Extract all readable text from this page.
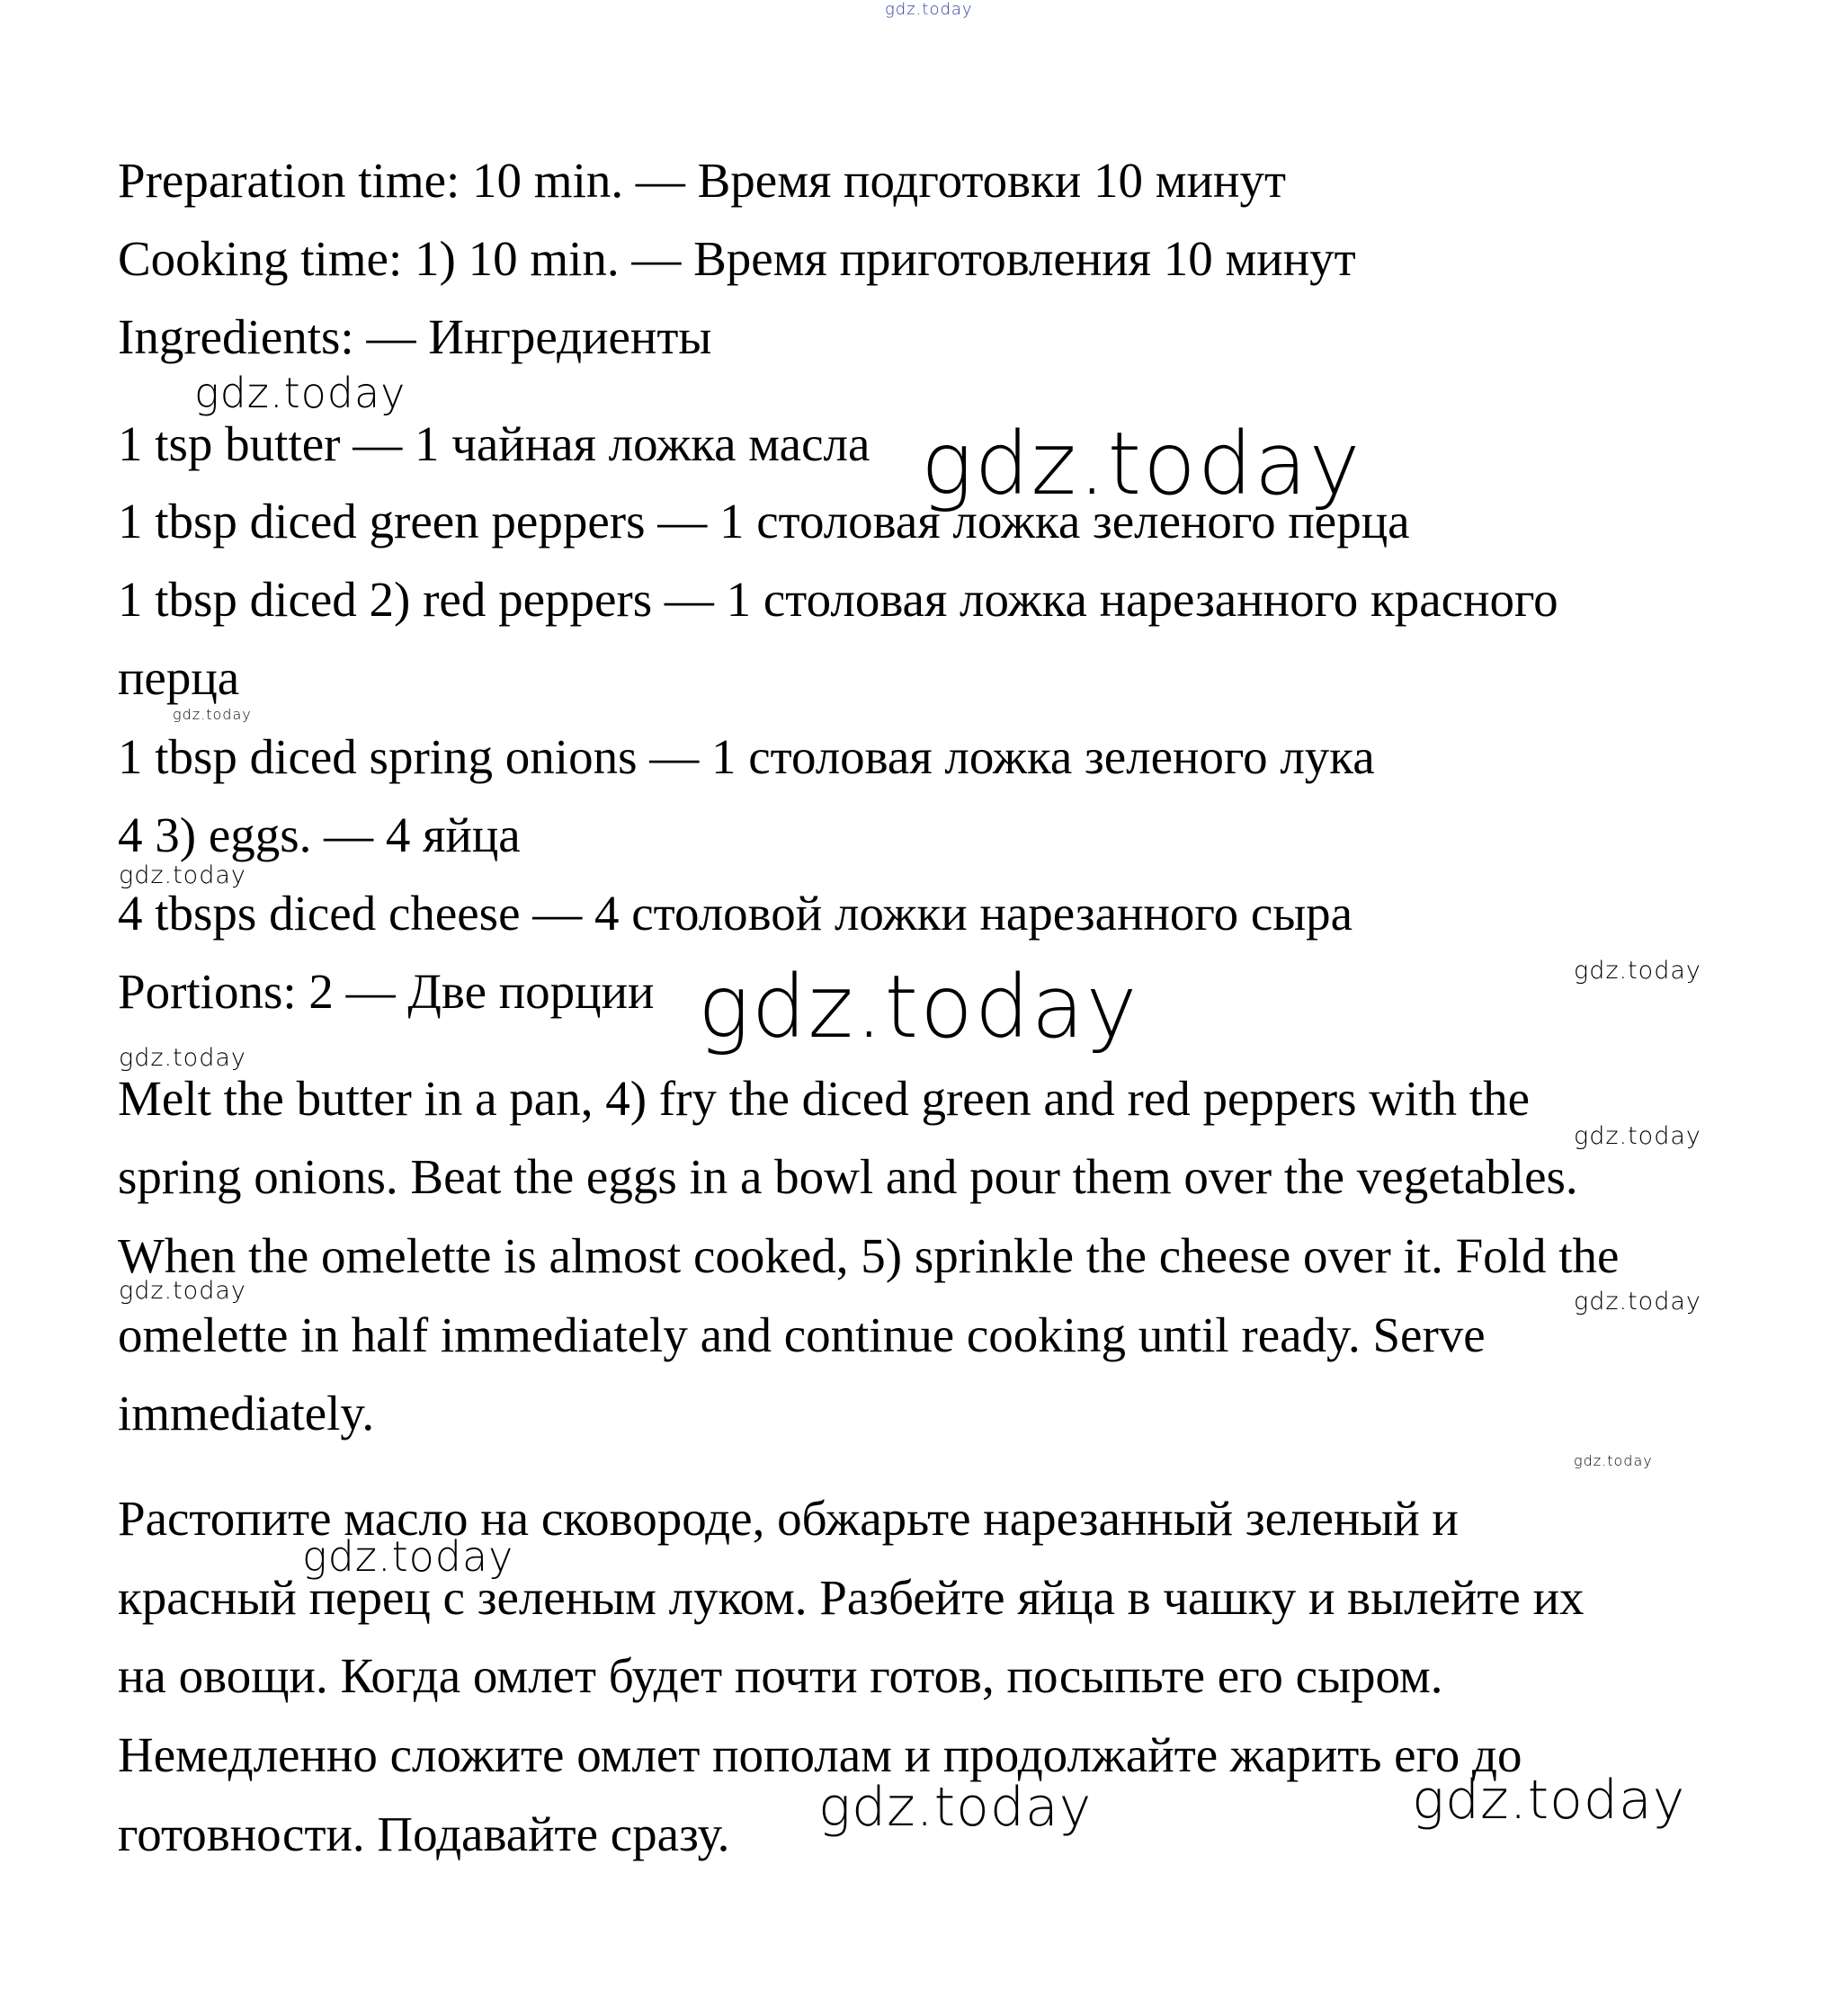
gdz.today

Preparation time: 10 min. — Время подготовки 10 минут

Cooking time: 1) 10 min. — Время приготовления 10 минут

Ingredients: — Ингредиенты

1 tsp butter — 1 чайная ложка масла

1 tbsp diced green peppers — 1 столовая ложка зеленого перца

1 tbsp diced 2) red peppers — 1 столовая ложка нарезанного красного

перца

1 tbsp diced spring onions — 1 столовая ложка зеленого лука

4 3) eggs. — 4 яйца

4 tbsps diced cheese — 4 столовой ложки нарезанного сыра

Portions: 2 — Две порции

Melt the butter in a pan, 4) fry the diced green and red peppers with the

spring onions. Beat the eggs in a bowl and pour them over the vegetables.

When the omelette is almost cooked, 5) sprinkle the cheese over it. Fold the

omelette in half immediately and continue cooking until ready. Serve

immediately.

Растопите масло на сковороде, обжарьте нарезанный зеленый и

красный перец с зеленым луком. Разбейте яйца в чашку и вылейте их

на овощи. Когда омлет будет почти готов, посыпьте его сыром.

Немедленно сложите омлет пополам и продолжайте жарить его до

готовности. Подавайте сразу.

gdz.today
gdz.today
gdz.today
gdz.today
gdz.today	gdz.today
gdz.today
gdz.today
gdz.today	gdz.today
gdz.today
gdz.today
gdz.today	gdz.today
